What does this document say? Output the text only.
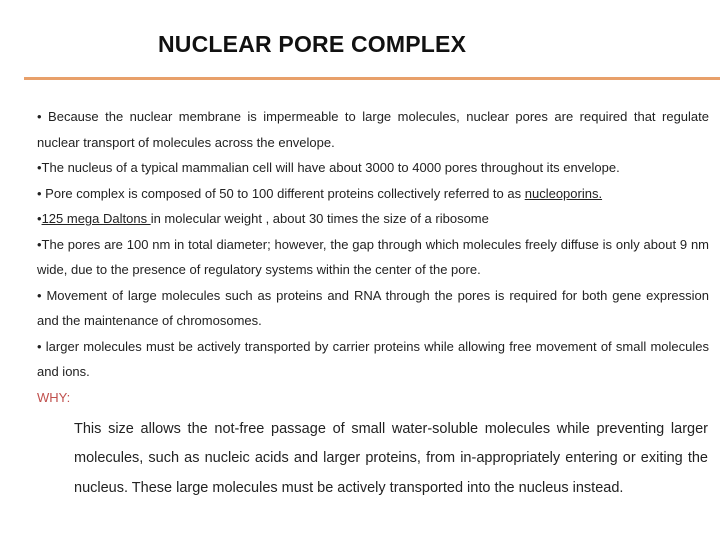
NUCLEAR PORE COMPLEX

• Because the nuclear membrane is impermeable to large molecules, nuclear pores are required that regulate nuclear transport of molecules across the envelope.

•The nucleus of a typical mammalian cell will have about 3000 to 4000 pores throughout its envelope.

• Pore complex is composed of 50 to 100 different proteins collectively referred to as nucleoporins.

•125 mega Daltons in molecular weight , about 30 times the size of a ribosome

•The pores are 100 nm in total diameter; however, the gap through which molecules freely diffuse is only about 9 nm wide, due to the presence of regulatory systems within the center of the pore.

• Movement of large molecules such as proteins and RNA through the pores is required for both gene expression and the maintenance of chromosomes.

• larger molecules must be actively transported by carrier proteins while allowing free movement of small molecules and ions.

WHY:

This size allows the not-free passage of small water-soluble molecules while preventing larger molecules, such as nucleic acids and larger proteins, from in-appropriately entering or exiting the nucleus. These large molecules must be actively transported into the nucleus instead.
